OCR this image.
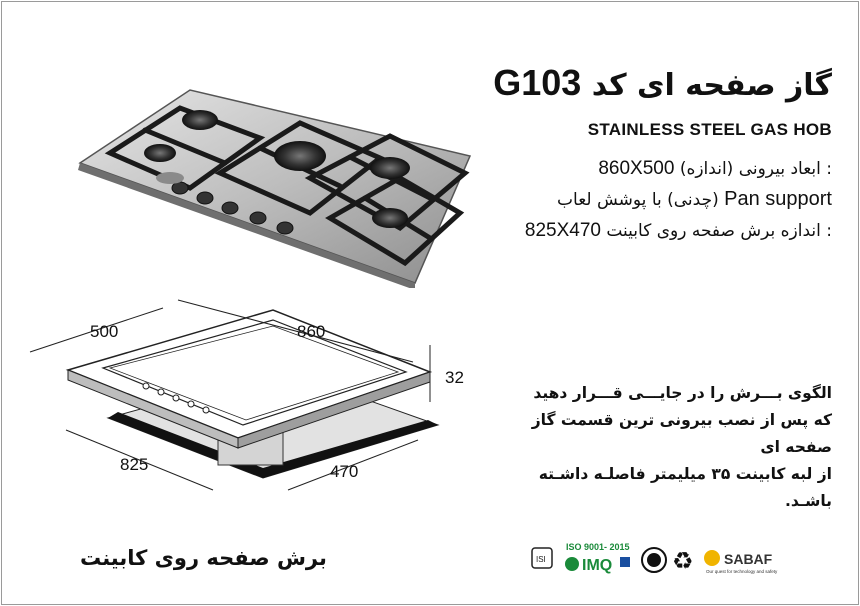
گاز صفحه ای کد G103
STAINLESS STEEL GAS HOB
: ابعاد بیرونی (اندازه) 860X500
Pan support (چدنی) با پوشش لعاب
: اندازه برش صفحه روی کابینت 825X470
500	860
32
825	470
الگوی بـــرش را در جایـــی قـــرار دهید
که پس از نصب بیرونی ترین قسمت گاز صفحه ای
از لبه کابینت ۳۵ میلیمتر فاصلـه داشـته باشـد.
برش صفحه روی کابینت	ISI
ISO 9001- 2015
IMQ ♻ SABAF
Our quest for technology and safety
